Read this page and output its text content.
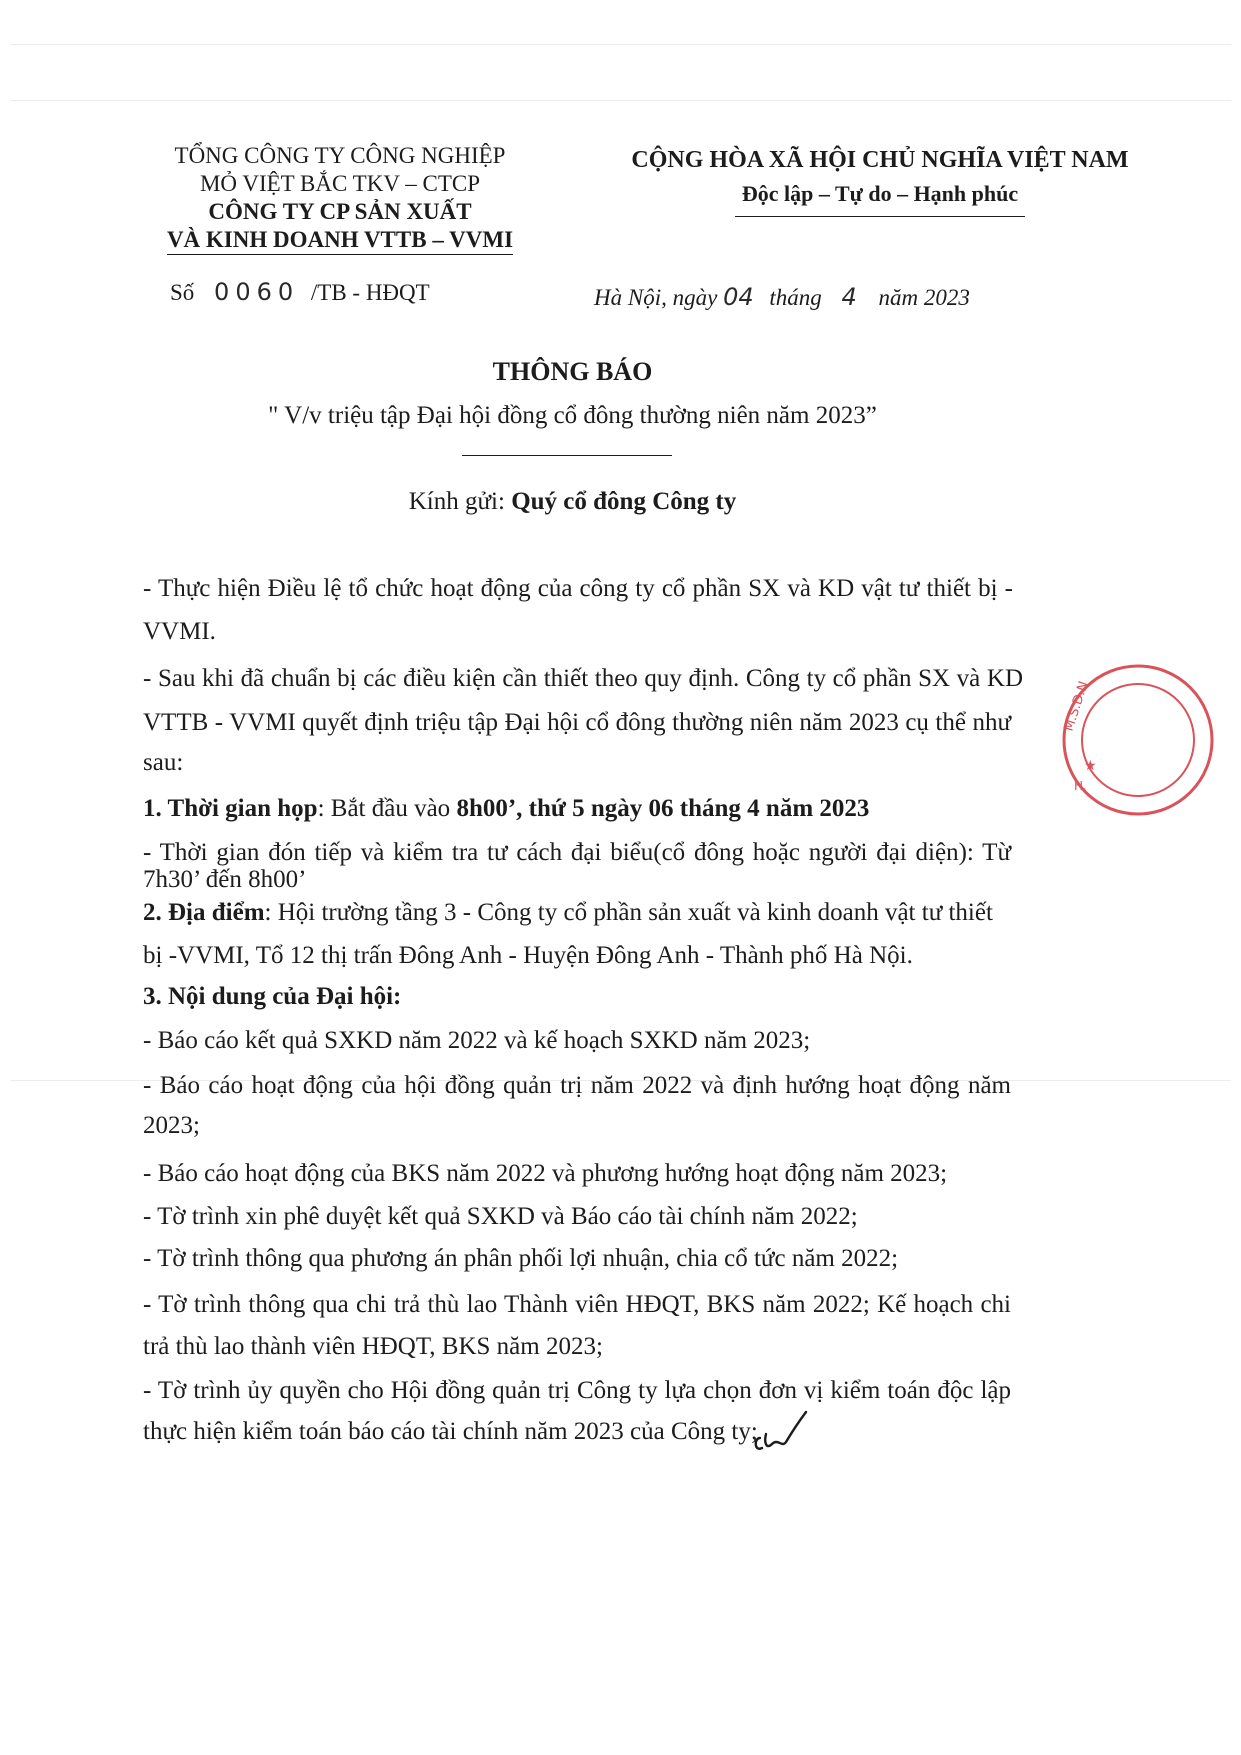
TỔNG CÔNG TY CÔNG NGHIỆP
MỎ VIỆT BẮC TKV – CTCP
CÔNG TY CP SẢN XUẤT
VÀ KINH DOANH VTTB – VVMI
CỘNG HÒA XÃ HỘI CHỦ NGHĨA VIỆT NAM
Độc lập – Tự do – Hạnh phúc
Số 0060 /TB - HĐQT	Hà Nội, ngày 04 tháng 4 năm 2023
THÔNG BÁO
" V/v triệu tập Đại hội đồng cổ đông thường niên năm 2023”
Kính gửi: Quý cổ đông Công ty
- Thực hiện Điều lệ tổ chức hoạt động của công ty cổ phần SX và KD vật tư thiết bị -
VVMI.
- Sau khi đã chuẩn bị các điều kiện cần thiết theo quy định. Công ty cổ phần SX và KD
VTTB - VVMI quyết định triệu tập Đại hội cổ đông thường niên năm 2023 cụ thể như
sau:
1. Thời gian họp: Bắt đầu vào 8h00’, thứ 5 ngày 06 tháng 4 năm 2023
- Thời gian đón tiếp và kiểm tra tư cách đại biểu(cổ đông hoặc người đại diện): Từ
7h30’ đến 8h00’
2. Địa điểm: Hội trường tầng 3 - Công ty cổ phần sản xuất và kinh doanh vật tư thiết
bị -VVMI, Tổ 12 thị trấn Đông Anh - Huyện Đông Anh - Thành phố Hà Nội.
3. Nội dung của Đại hội:
- Báo cáo kết quả SXKD năm 2022 và kế hoạch SXKD năm 2023;
- Báo cáo hoạt động của hội đồng quản trị năm 2022 và định hướng hoạt động năm
2023;
- Báo cáo hoạt động của BKS năm 2022 và phương hướng hoạt động năm 2023;
- Tờ trình xin phê duyệt kết quả SXKD và Báo cáo tài chính năm 2022;
- Tờ trình thông qua phương án phân phối lợi nhuận, chia cổ tức năm 2022;
- Tờ trình thông qua chi trả thù lao Thành viên HĐQT, BKS năm 2022; Kế hoạch chi
trả thù lao thành viên HĐQT, BKS năm 2023;
- Tờ trình ủy quyền cho Hội đồng quản trị Công ty lựa chọn đơn vị kiểm toán độc lập
thực hiện kiểm toán báo cáo tài chính năm 2023 của Công ty;
M.S.D.N
★
H.
